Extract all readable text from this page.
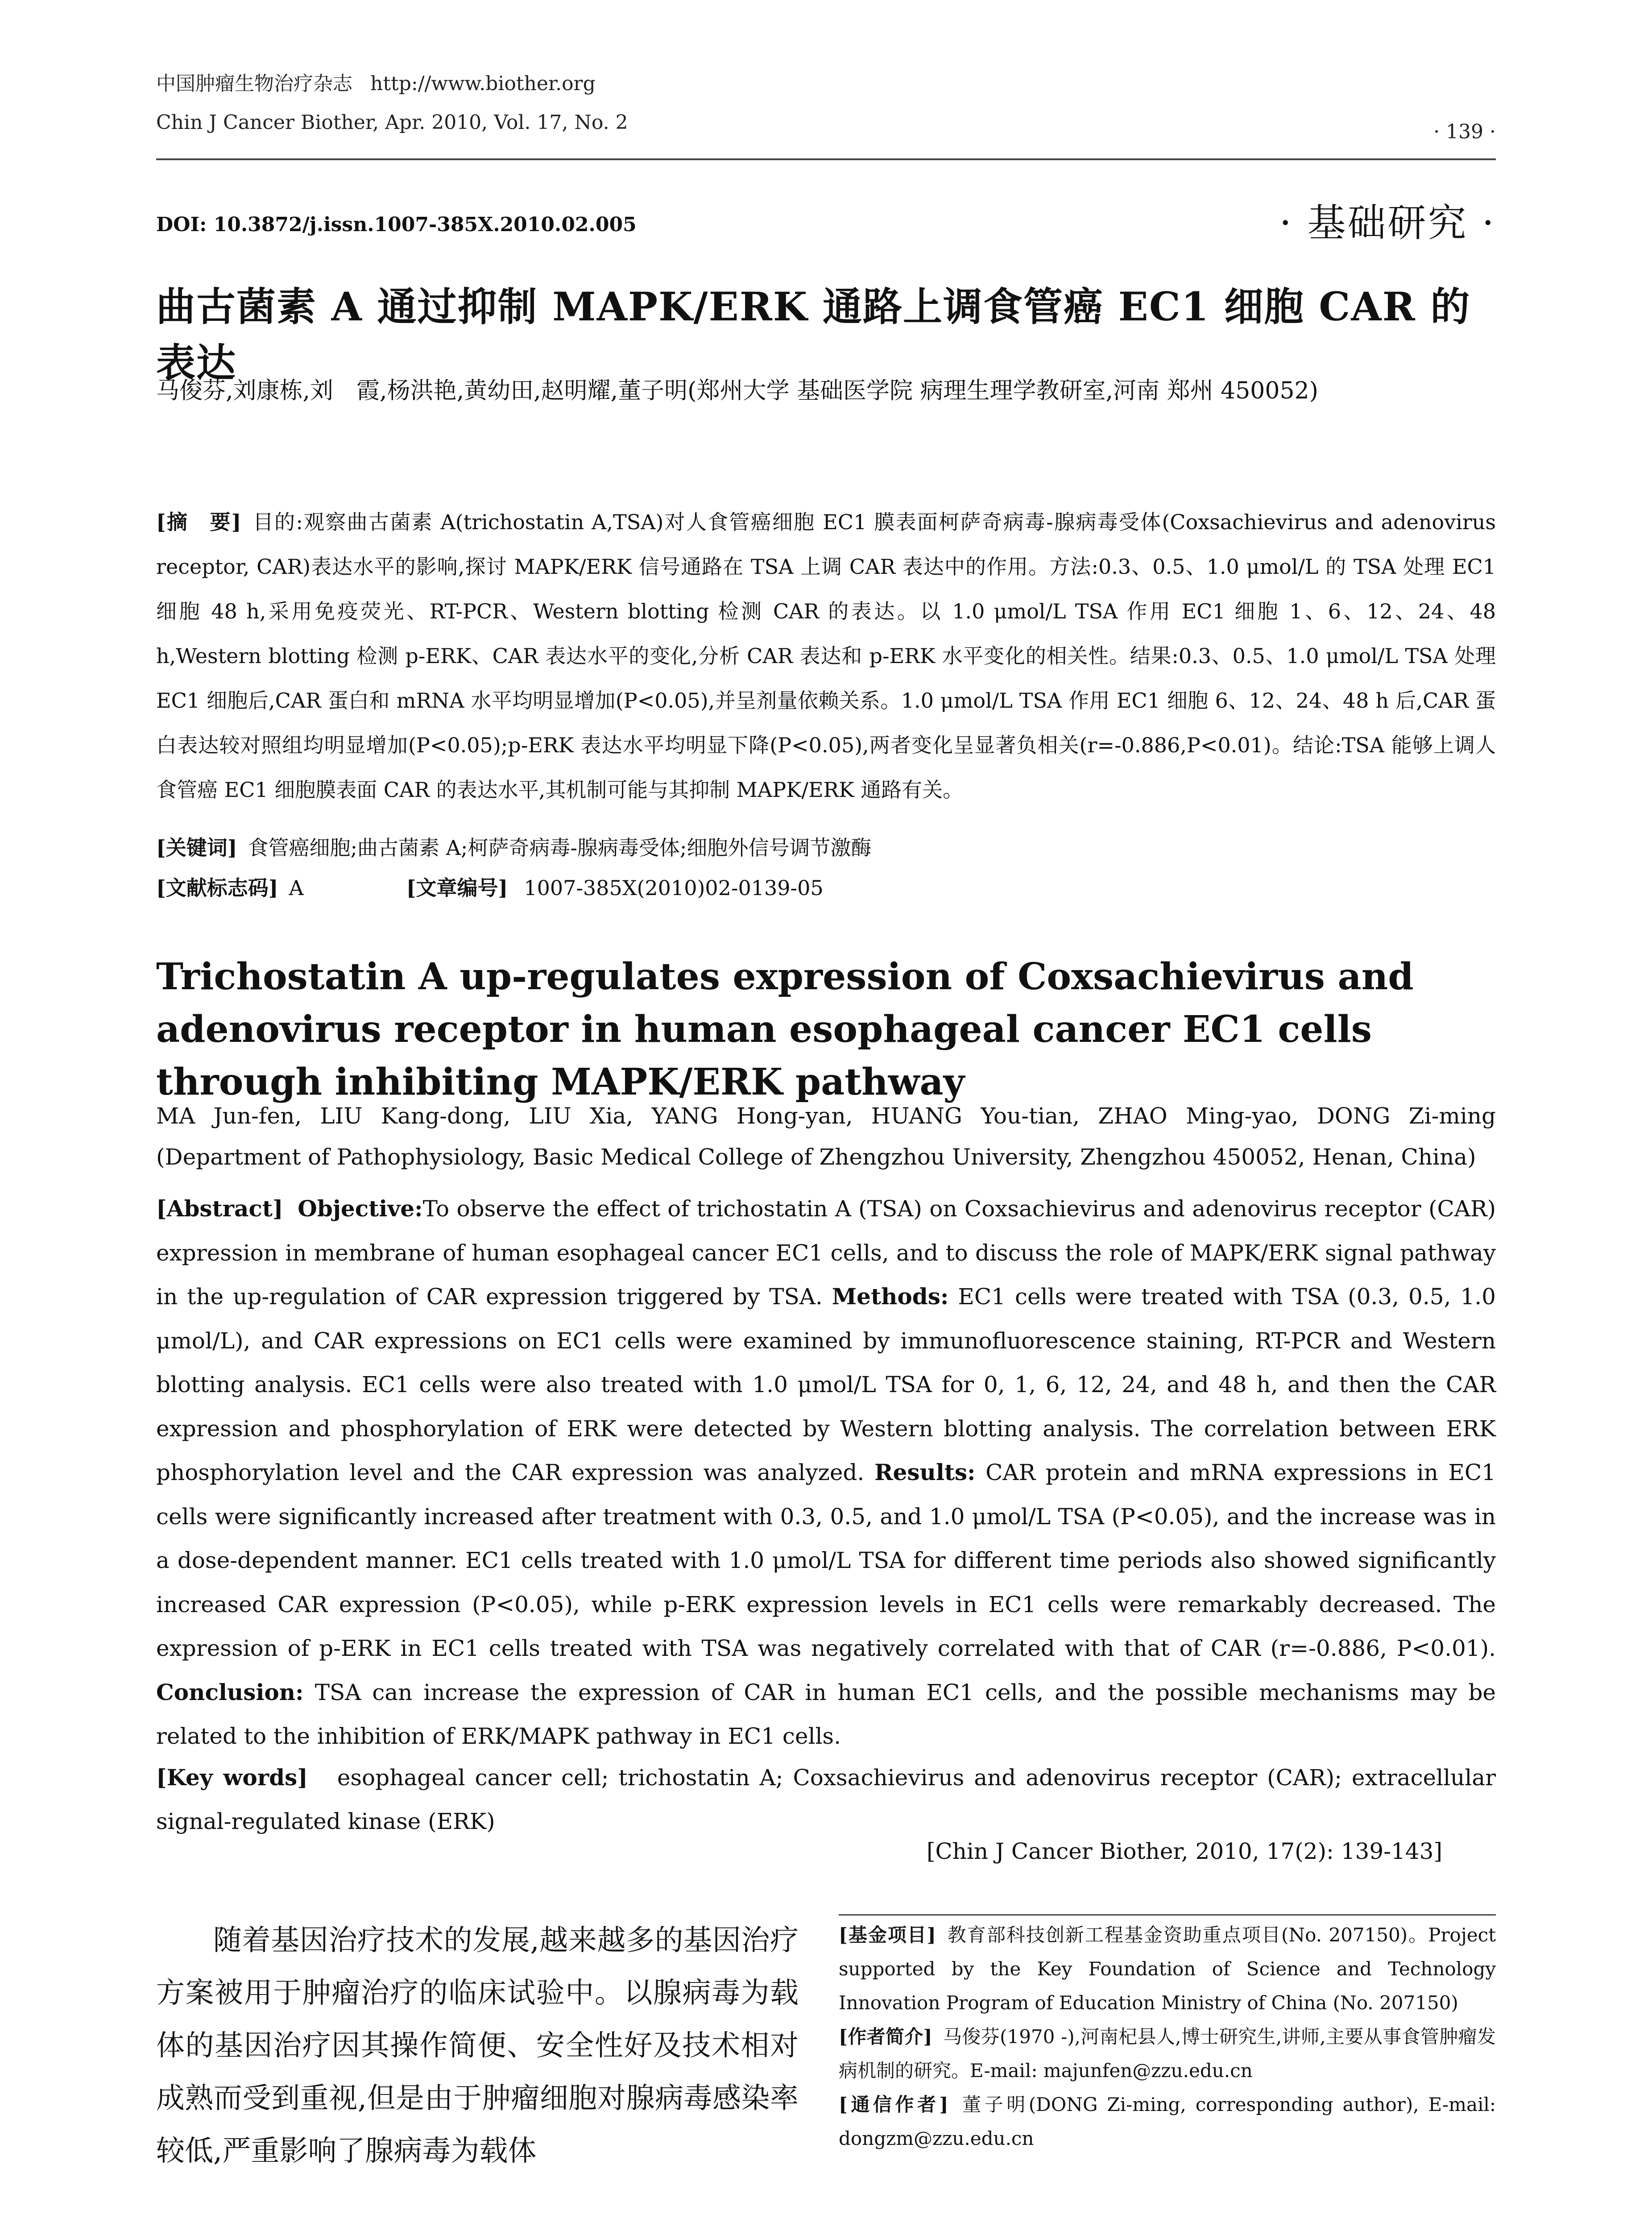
中国肿瘤生物治疗杂志 http://www.biother.org
Chin J Cancer Biother, Apr. 2010, Vol. 17, No. 2	· 139 ·
DOI: 10.3872/j.issn.1007-385X.2010.02.005	· 基础研究 ·
曲古菌素 A 通过抑制 MAPK/ERK 通路上调食管癌 EC1 细胞 CAR 的表达
马俊芬,刘康栋,刘　霞,杨洪艳,黄幼田,赵明耀,董子明(郑州大学 基础医学院 病理生理学教研室,河南 郑州 450052)
[摘　要] 目的:观察曲古菌素 A(trichostatin A,TSA)对人食管癌细胞 EC1 膜表面柯萨奇病毒-腺病毒受体(Coxsachievirus and adenovirus receptor, CAR)表达水平的影响,探讨 MAPK/ERK 信号通路在 TSA 上调 CAR 表达中的作用。方法:0.3、0.5、1.0 μmol/L 的 TSA 处理 EC1 细胞 48 h,采用免疫荧光、RT-PCR、Western blotting 检测 CAR 的表达。以 1.0 μmol/L TSA 作用 EC1 细胞 1、6、12、24、48 h,Western blotting 检测 p-ERK、CAR 表达水平的变化,分析 CAR 表达和 p-ERK 水平变化的相关性。结果:0.3、0.5、1.0 μmol/L TSA 处理 EC1 细胞后,CAR 蛋白和 mRNA 水平均明显增加(P<0.05),并呈剂量依赖关系。1.0 μmol/L TSA 作用 EC1 细胞 6、12、24、48 h 后,CAR 蛋白表达较对照组均明显增加(P<0.05);p-ERK 表达水平均明显下降(P<0.05),两者变化呈显著负相关(r=-0.886,P<0.01)。结论:TSA 能够上调人食管癌 EC1 细胞膜表面 CAR 的表达水平,其机制可能与其抑制 MAPK/ERK 通路有关。
[关键词] 食管癌细胞;曲古菌素 A;柯萨奇病毒-腺病毒受体;细胞外信号调节激酶
[文献标志码] A	[文章编号] 1007-385X(2010)02-0139-05
Trichostatin A up-regulates expression of Coxsachievirus and adenovirus receptor in human esophageal cancer EC1 cells through inhibiting MAPK/ERK pathway
MA Jun-fen, LIU Kang-dong, LIU Xia, YANG Hong-yan, HUANG You-tian, ZHAO Ming-yao, DONG Zi-ming (Department of Pathophysiology, Basic Medical College of Zhengzhou University, Zhengzhou 450052, Henan, China)
[Abstract] Objective:To observe the effect of trichostatin A (TSA) on Coxsachievirus and adenovirus receptor (CAR) expression in membrane of human esophageal cancer EC1 cells, and to discuss the role of MAPK/ERK signal pathway in the up-regulation of CAR expression triggered by TSA. Methods: EC1 cells were treated with TSA (0.3, 0.5, 1.0 μmol/L), and CAR expressions on EC1 cells were examined by immunofluorescence staining, RT-PCR and Western blotting analysis. EC1 cells were also treated with 1.0 μmol/L TSA for 0, 1, 6, 12, 24, and 48 h, and then the CAR expression and phosphorylation of ERK were detected by Western blotting analysis. The correlation between ERK phosphorylation level and the CAR expression was analyzed. Results: CAR protein and mRNA expressions in EC1 cells were significantly increased after treatment with 0.3, 0.5, and 1.0 μmol/L TSA (P<0.05), and the increase was in a dose-dependent manner. EC1 cells treated with 1.0 μmol/L TSA for different time periods also showed significantly increased CAR expression (P<0.05), while p-ERK expression levels in EC1 cells were remarkably decreased. The expression of p-ERK in EC1 cells treated with TSA was negatively correlated with that of CAR (r=-0.886, P<0.01). Conclusion: TSA can increase the expression of CAR in human EC1 cells, and the possible mechanisms may be related to the inhibition of ERK/MAPK pathway in EC1 cells.
[Key words] esophageal cancer cell; trichostatin A; Coxsachievirus and adenovirus receptor (CAR); extracellular signal-regulated kinase (ERK)
[Chin J Cancer Biother, 2010, 17(2): 139-143]
随着基因治疗技术的发展,越来越多的基因治疗方案被用于肿瘤治疗的临床试验中。以腺病毒为载体的基因治疗因其操作简便、安全性好及技术相对成熟而受到重视,但是由于肿瘤细胞对腺病毒感染率较低,严重影响了腺病毒为载体

[基金项目] 教育部科技创新工程基金资助重点项目(No. 207150)。Project supported by the Key Foundation of Science and Technology Innovation Program of Education Ministry of China (No. 207150)

[作者简介] 马俊芬(1970 -),河南杞县人,博士研究生,讲师,主要从事食管肿瘤发病机制的研究。E-mail: majunfen@zzu.edu.cn

[通信作者] 董子明(DONG Zi-ming, corresponding author), E-mail: dongzm@zzu.edu.cn
